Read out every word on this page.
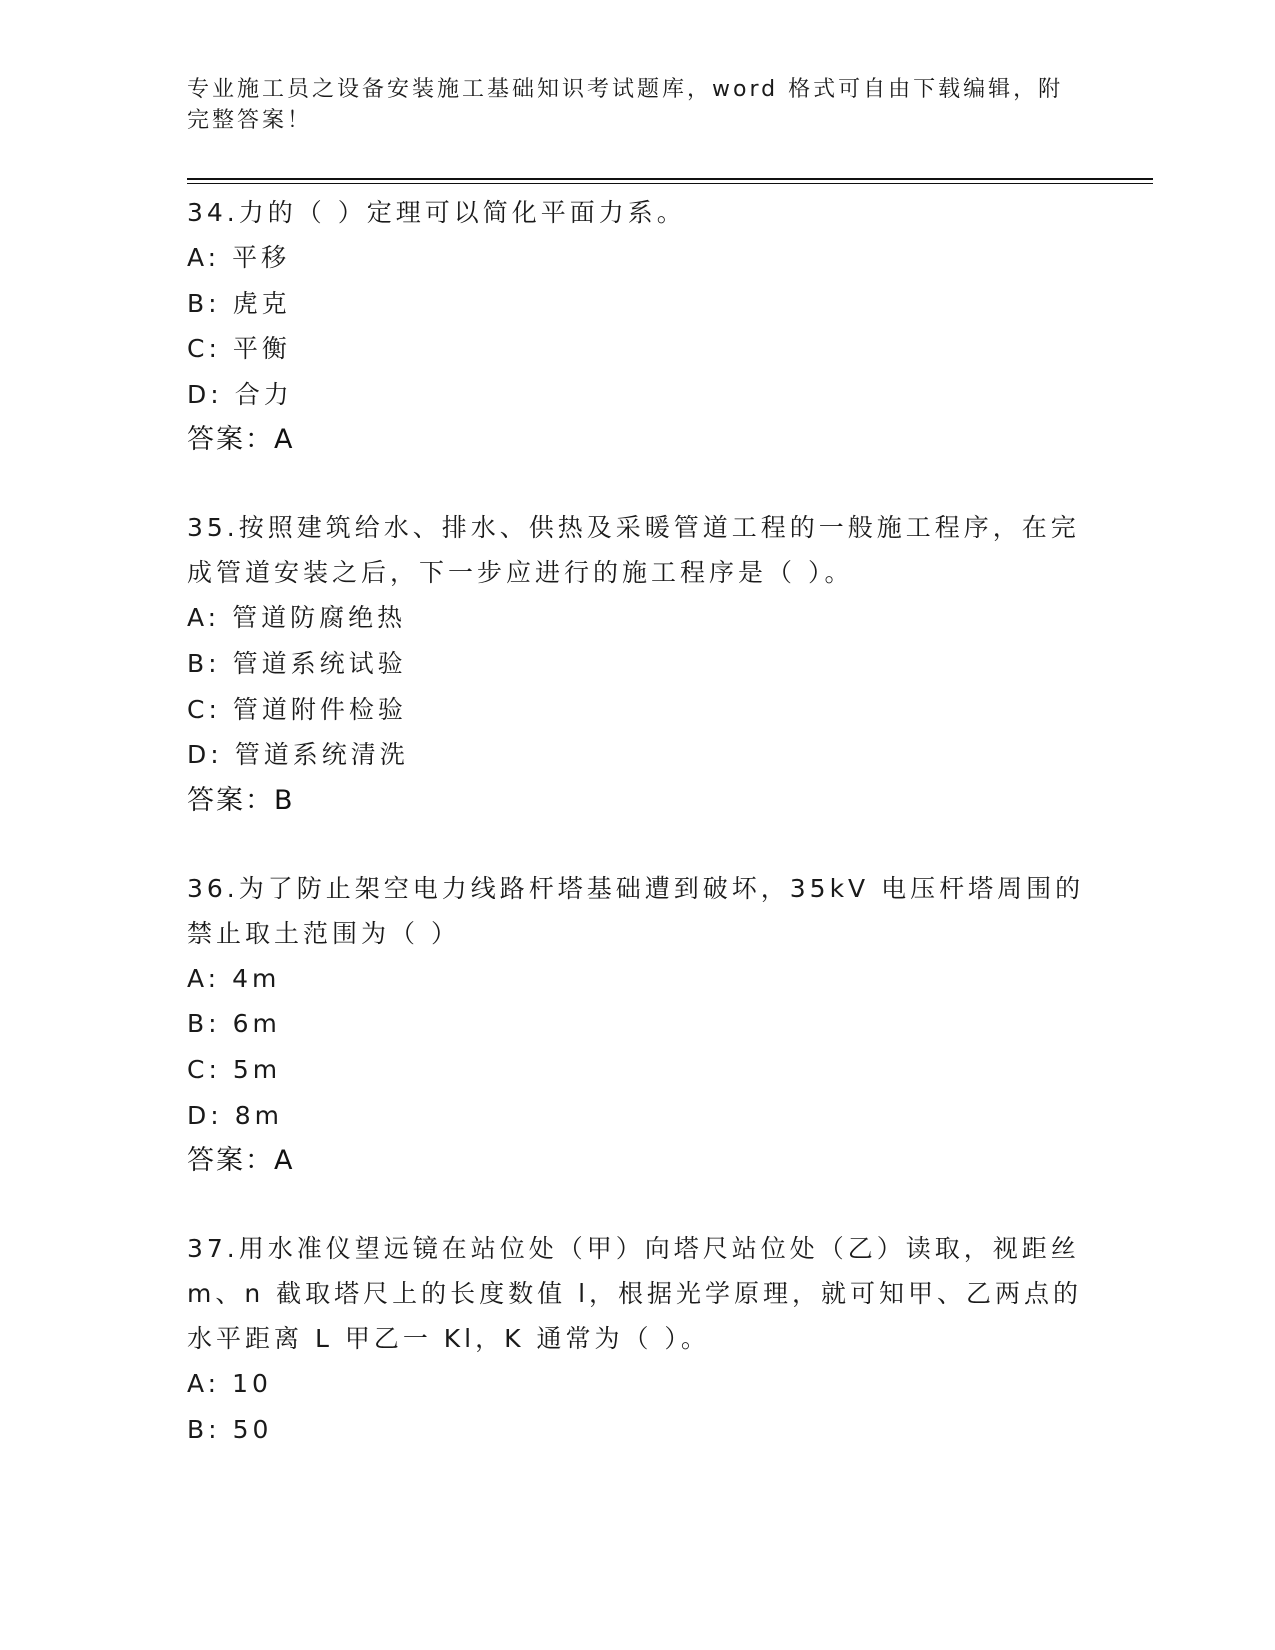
专业施工员之设备安装施工基础知识考试题库，word 格式可自由下载编辑，附完整答案！

34.力的（ ）定理可以简化平面力系。

A: 平移
B: 虎克
C: 平衡
D: 合力
答案：A

35.按照建筑给水、排水、供热及采暖管道工程的一般施工程序，在完成管道安装之后，下一步应进行的施工程序是（ ）。

A: 管道防腐绝热
B: 管道系统试验
C: 管道附件检验
D: 管道系统清洗
答案：B

36.为了防止架空电力线路杆塔基础遭到破坏，35kV 电压杆塔周围的禁止取土范围为（ ）

A: 4m
B: 6m
C: 5m
D: 8m
答案：A

37.用水准仪望远镜在站位处（甲）向塔尺站位处（乙）读取，视距丝m、n 截取塔尺上的长度数值 l，根据光学原理，就可知甲、乙两点的水平距离 L 甲乙一 Kl，K 通常为（ ）。

A: 10
B: 50
